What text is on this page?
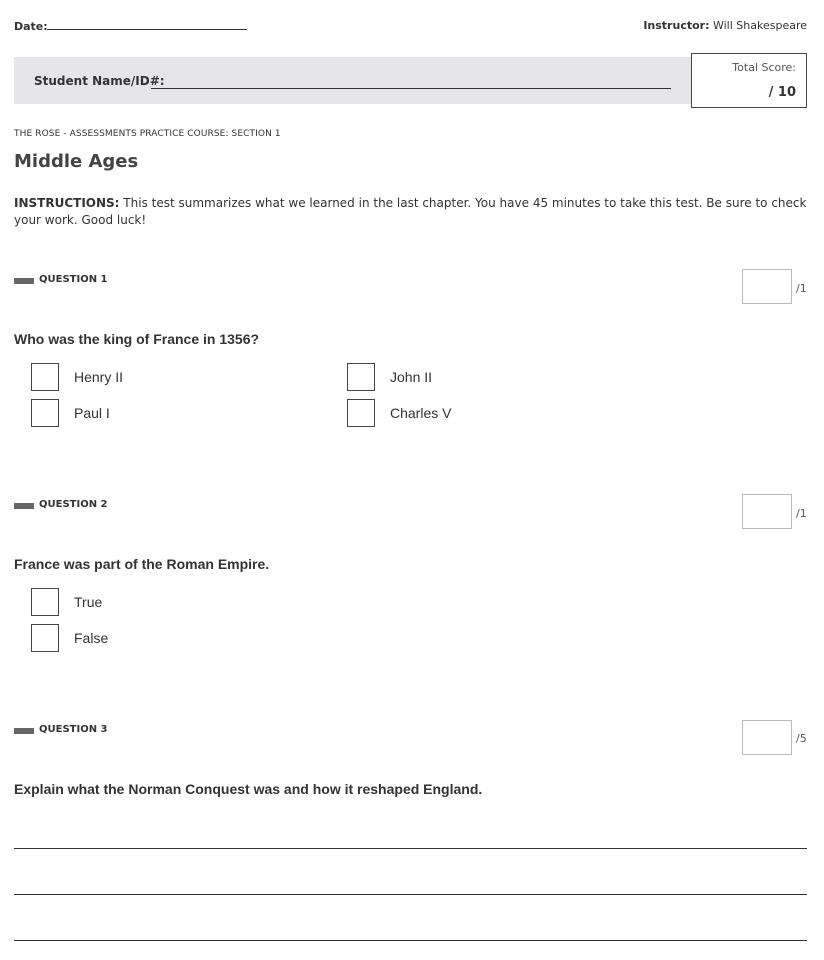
Date:	Instructor: Will Shakespeare
Student Name/ID#:
Total Score:
/ 10
THE ROSE - ASSESSMENTS PRACTICE COURSE: SECTION 1
Middle Ages
INSTRUCTIONS: This test summarizes what we learned in the last chapter. You have 45 minutes to take this test. Be sure to check your work. Good luck!
QUESTION 1
/1
Who was the king of France in 1356?
Henry II	John II
Paul I	Charles V
QUESTION 2
/1
France was part of the Roman Empire.
True
False
QUESTION 3
/5
Explain what the Norman Conquest was and how it reshaped England.
